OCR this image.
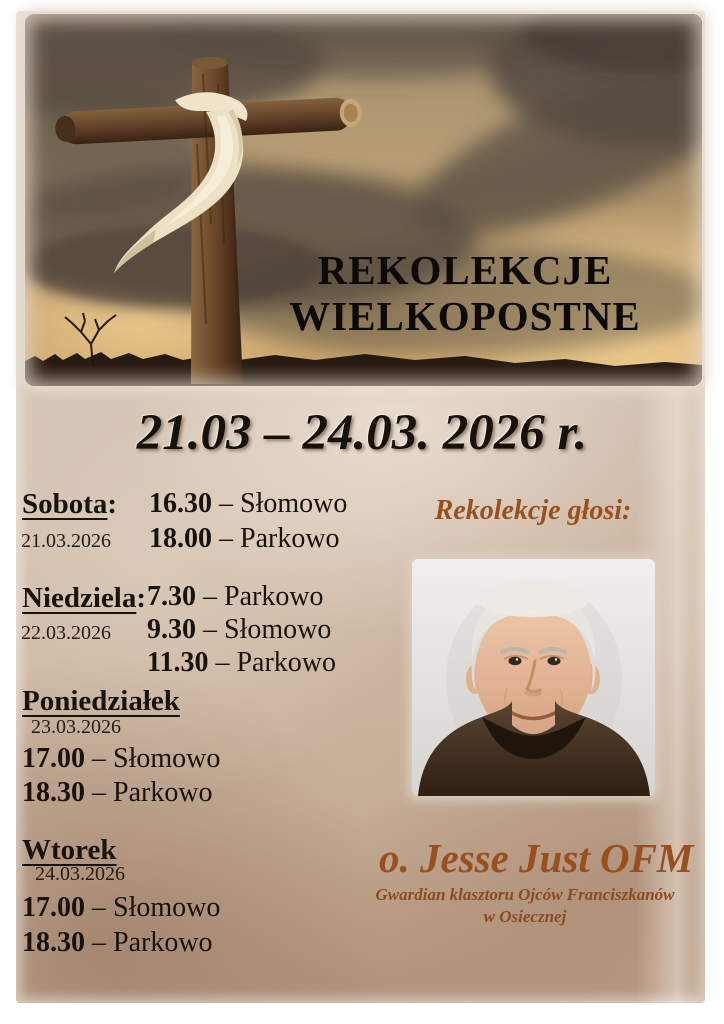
REKOLEKCJE
WIELKOPOSTNE
21.03 – 24.03. 2026 r.
Sobota:
21.03.2026
16.30 – Słomowo
18.00 – Parkowo
Niedziela:
22.03.2026
7.30 – Parkowo
9.30 – Słomowo
11.30 – Parkowo
Poniedziałek
23.03.2026
17.00 – Słomowo
18.30 – Parkowo
Wtorek
24.03.2026
17.00 – Słomowo
18.30 – Parkowo
Rekolekcje głosi:
o. Jesse Just OFM
Gwardian klasztoru Ojców Franciszkanów
w Osiecznej
